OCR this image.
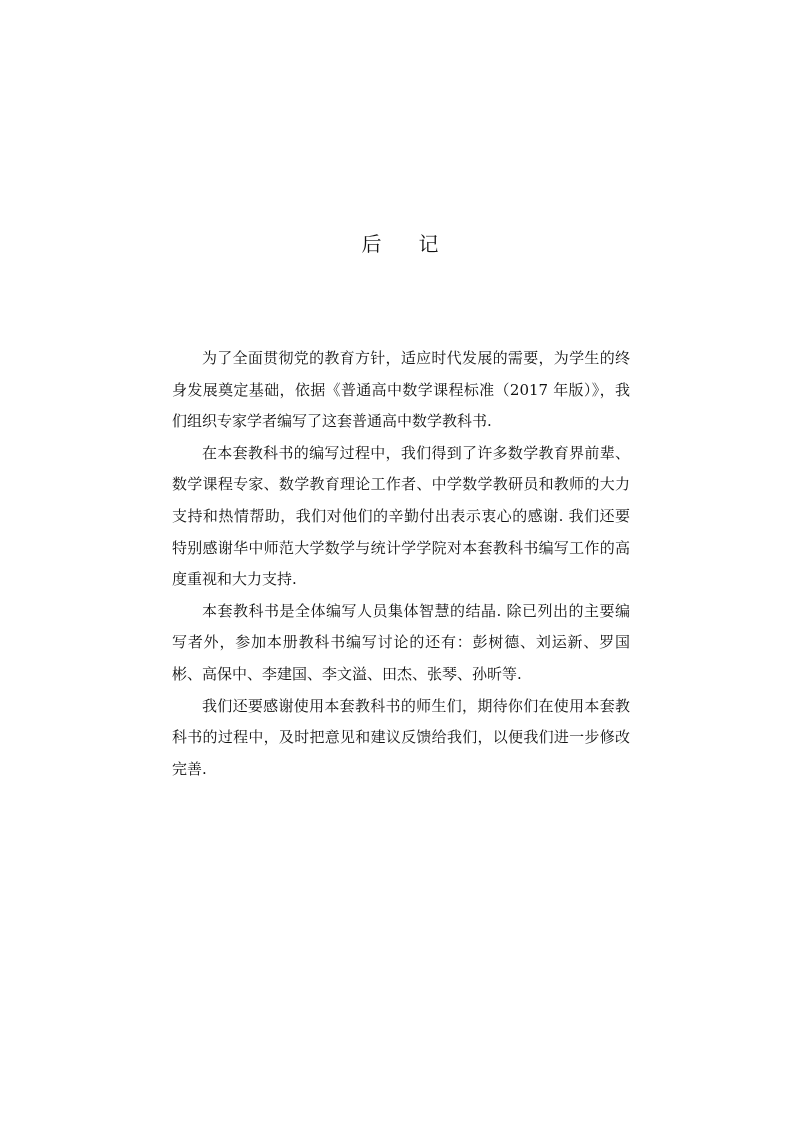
后 记

为了全面贯彻党的教育方针，适应时代发展的需要，为学生的终身发展奠定基础，依据《普通高中数学课程标准（2017 年版）》，我们组织专家学者编写了这套普通高中数学教科书.

在本套教科书的编写过程中，我们得到了许多数学教育界前辈、数学课程专家、数学教育理论工作者、中学数学教研员和教师的大力支持和热情帮助，我们对他们的辛勤付出表示衷心的感谢. 我们还要特别感谢华中师范大学数学与统计学学院对本套教科书编写工作的高度重视和大力支持.

本套教科书是全体编写人员集体智慧的结晶. 除已列出的主要编写者外，参加本册教科书编写讨论的还有：彭树德、刘运新、罗国彬、高保中、李建国、李文溢、田杰、张琴、孙昕等.

我们还要感谢使用本套教科书的师生们，期待你们在使用本套教科书的过程中，及时把意见和建议反馈给我们，以便我们进一步修改完善.
